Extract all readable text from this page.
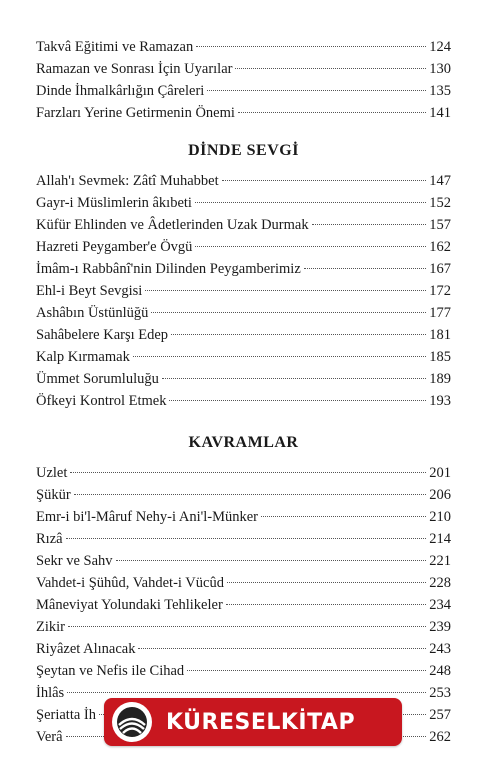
Takvâ Eğitimi ve Ramazan	124
Ramazan ve Sonrası İçin Uyarılar	130
Dinde İhmalkârlığın Çâreleri	135
Farzları Yerine Getirmenin Önemi	141
DİNDE SEVGİ
Allah'ı Sevmek: Zâtî Muhabbet	147
Gayr-i Müslimlerin âkıbeti	152
Küfür Ehlinden ve Âdetlerinden Uzak Durmak	157
Hazreti Peygamber'e Övgü	162
İmâm-ı Rabbânî'nin Dilinden Peygamberimiz	167
Ehl-i Beyt Sevgisi	172
Ashâbın Üstünlüğü	177
Sahâbelere Karşı Edep	181
Kalp Kırmamak	185
Ümmet Sorumluluğu	189
Öfkeyi Kontrol Etmek	193
KAVRAMLAR
Uzlet	201
Şükür	206
Emr-i bi'l-Mâruf Nehy-i Ani'l-Münker	210
Rızâ	214
Sekr ve Sahv	221
Vahdet-i Şühûd, Vahdet-i Vücûd	228
Mâneviyat Yolundaki Tehlikeler	234
Zikir	239
Riyâzet Alınacak	243
Şeytan ve Nefis ile Cihad	248
İhlâs	253
Şeriatta İh	257
Verâ	262
KÜRESELKİTAP
